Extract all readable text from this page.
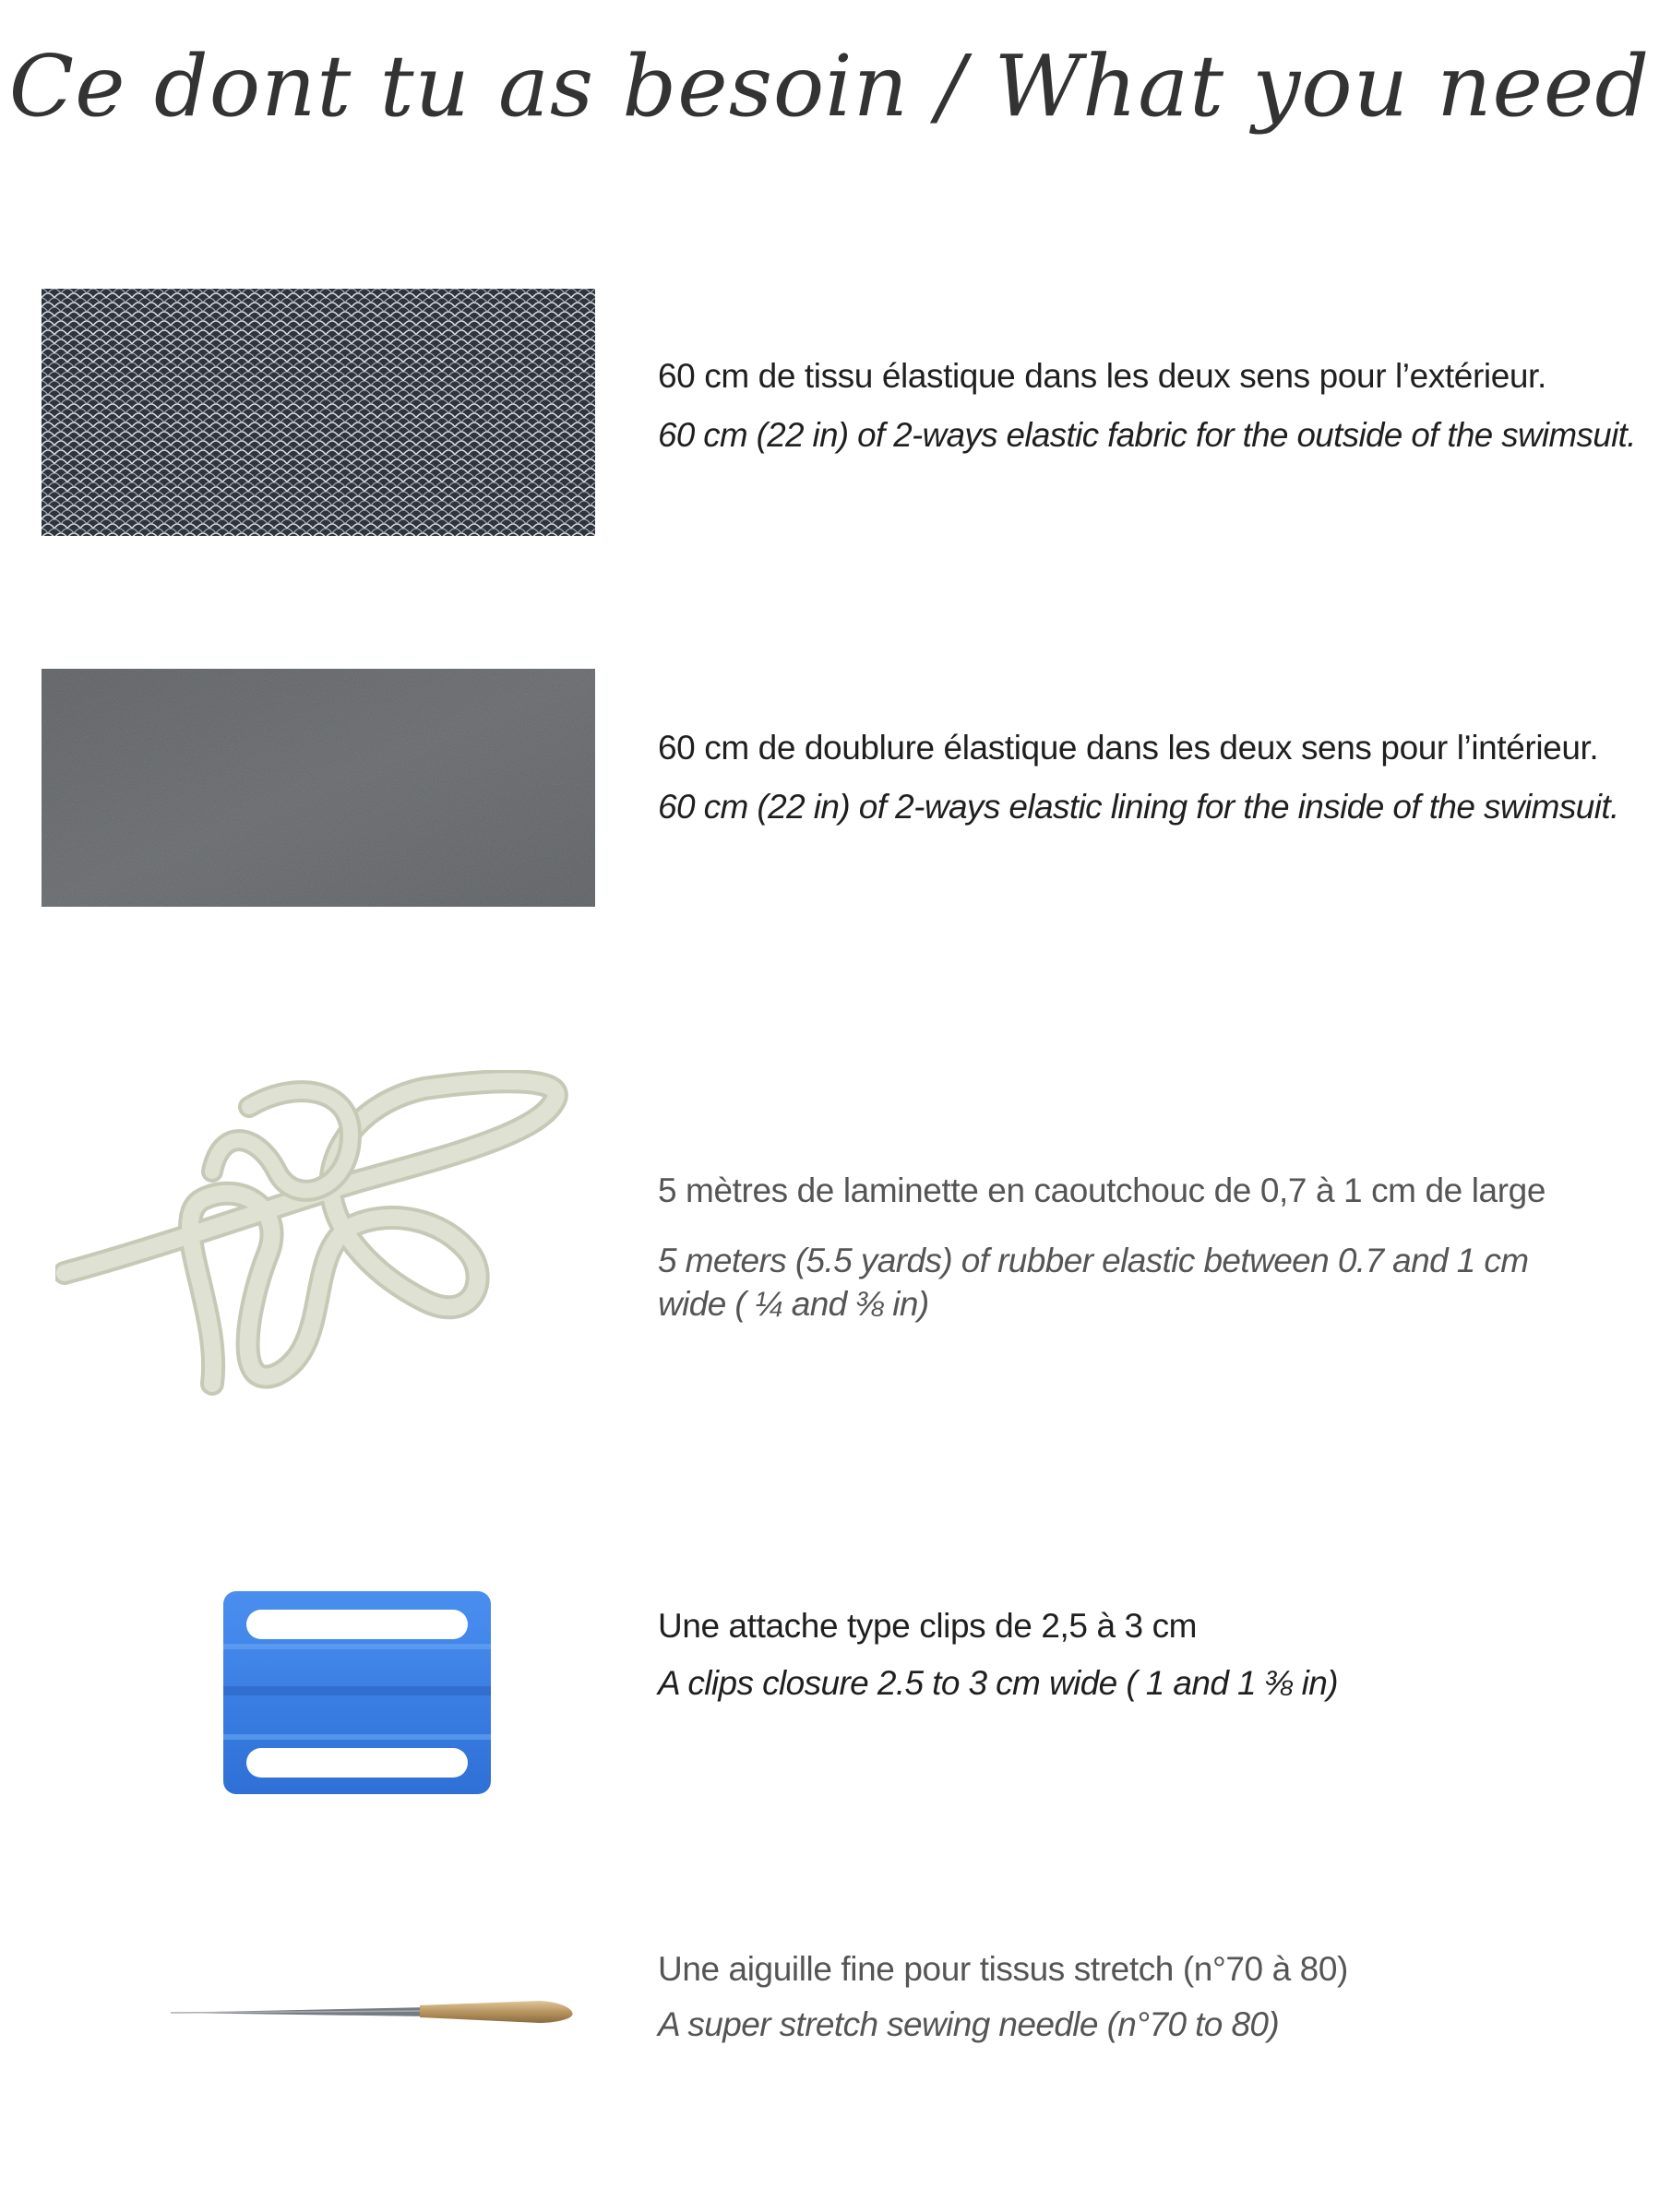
Ce dont tu as besoin / What you need
60 cm de tissu élastique dans les deux sens pour l’extérieur.
60 cm (22 in) of 2-ways elastic fabric for the outside of the swimsuit.
60 cm de doublure élastique dans les deux sens pour l’intérieur.
60 cm (22 in) of 2-ways elastic lining for the inside of the swimsuit.
5 mètres de laminette en caoutchouc de 0,7 à 1 cm de large
5 meters (5.5 yards) of rubber elastic between 0.7 and 1 cm wide ( ¼ and ⅜ in)
Une attache type clips de 2,5 à 3 cm
A clips closure 2.5 to 3 cm wide ( 1 and 1 ⅜ in)
Une aiguille fine pour tissus stretch (n°70 à 80)
A super stretch sewing needle (n°70 to 80)
